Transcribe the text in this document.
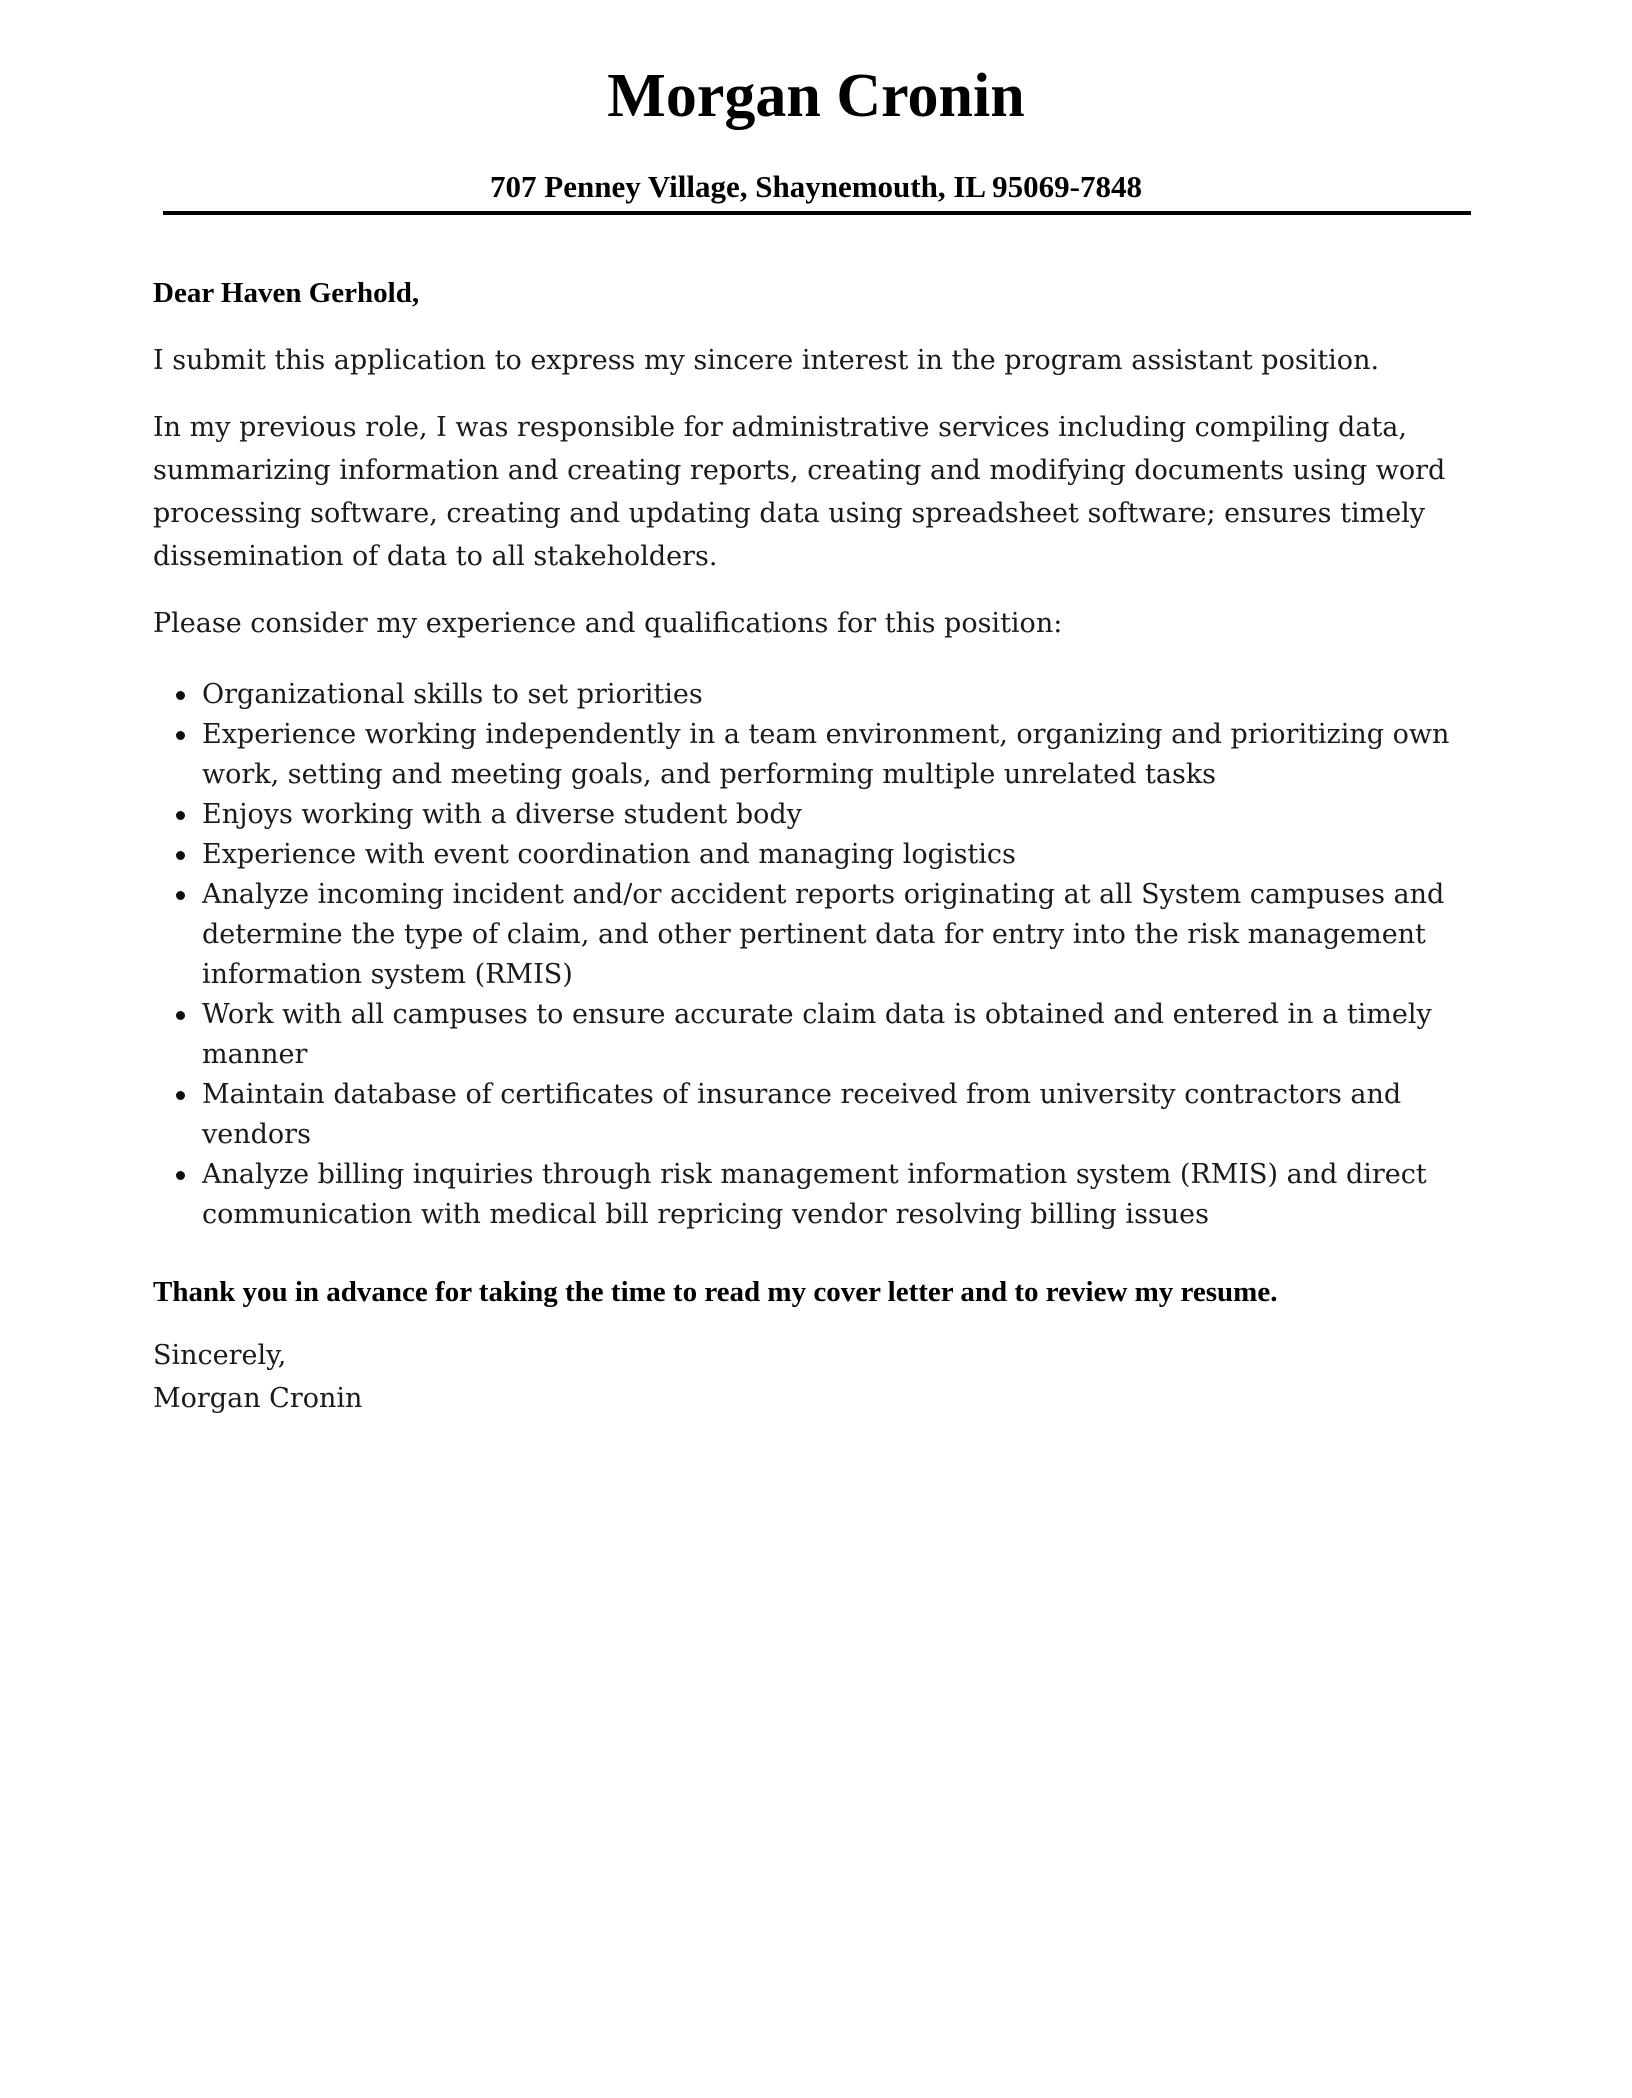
Morgan Cronin
707 Penney Village, Shaynemouth, IL 95069-7848

Dear Haven Gerhold,

I submit this application to express my sincere interest in the program assistant position.

In my previous role, I was responsible for administrative services including compiling data, summarizing information and creating reports, creating and modifying documents using word processing software, creating and updating data using spreadsheet software; ensures timely dissemination of data to all stakeholders.

Please consider my experience and qualifications for this position:

Organizational skills to set priorities
Experience working independently in a team environment, organizing and prioritizing own work, setting and meeting goals, and performing multiple unrelated tasks
Enjoys working with a diverse student body
Experience with event coordination and managing logistics
Analyze incoming incident and/or accident reports originating at all System campuses and determine the type of claim, and other pertinent data for entry into the risk management information system (RMIS)
Work with all campuses to ensure accurate claim data is obtained and entered in a timely manner
Maintain database of certificates of insurance received from university contractors and vendors
Analyze billing inquiries through risk management information system (RMIS) and direct communication with medical bill repricing vendor resolving billing issues

Thank you in advance for taking the time to read my cover letter and to review my resume.

Sincerely,

Morgan Cronin
